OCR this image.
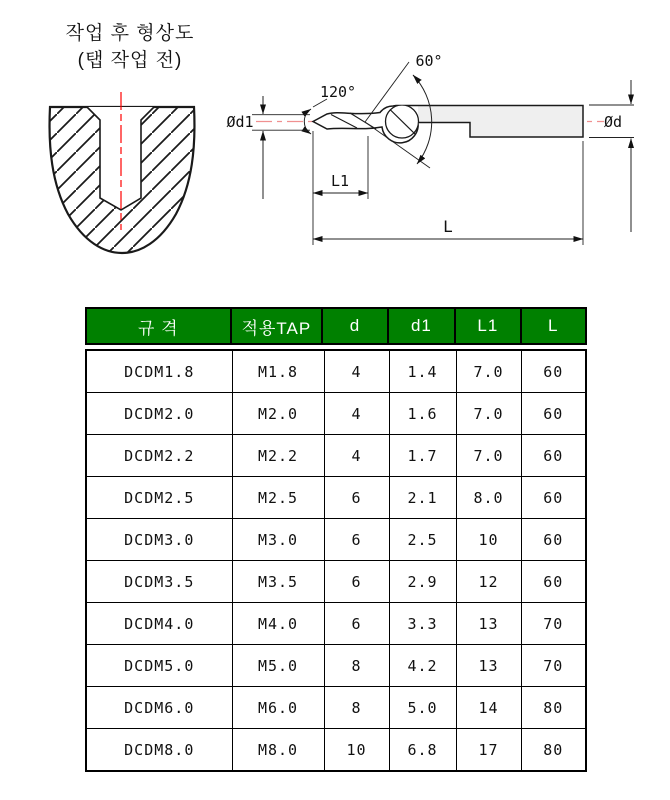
작업 후 형상도
(탭 작업 전)	60°
120°
Ød1	Ød
L1
L
규 격	적용TAP	d	d1	L1	L
DCDM1.8	M1.8	4	1.4	7.0	60
DCDM2.0	M2.0	4	1.6	7.0	60
DCDM2.2	M2.2	4	1.7	7.0	60
DCDM2.5	M2.5	6	2.1	8.0	60
DCDM3.0	M3.0	6	2.5	10	60
DCDM3.5	M3.5	6	2.9	12	60
DCDM4.0	M4.0	6	3.3	13	70
DCDM5.0	M5.0	8	4.2	13	70
DCDM6.0	M6.0	8	5.0	14	80
DCDM8.0	M8.0	10	6.8	17	80
